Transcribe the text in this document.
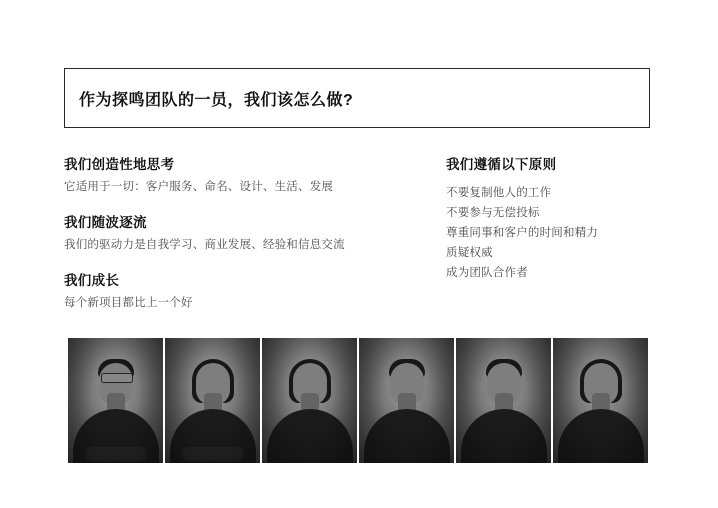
作为探鸣团队的一员，我们该怎么做?
我们创造性地思考
它适用于一切：客户服务、命名、设计、生活、发展
我们随波逐流
我们的驱动力是自我学习、商业发展、经验和信息交流
我们成长
每个新项目都比上一个好
我们遵循以下原则
不要复制他人的工作
不要参与无偿投标
尊重同事和客户的时间和精力
质疑权威
成为团队合作者
